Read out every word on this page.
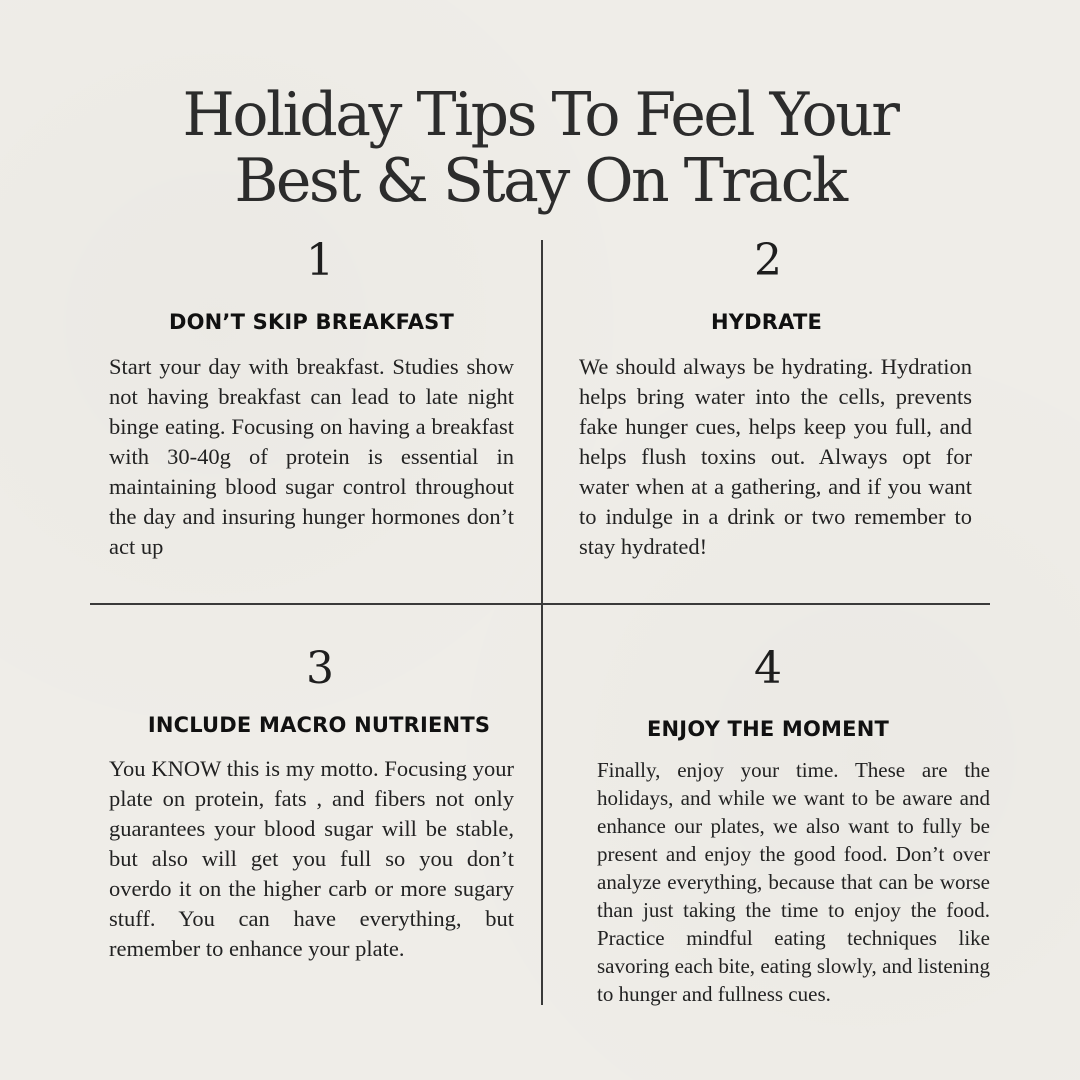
Holiday Tips To Feel Your
Best & Stay On Track
1
DON’T SKIP BREAKFAST

Start your day with breakfast. Studies show not having breakfast can lead to late night binge eating. Focusing on having a breakfast with 30-40g of protein is essential in maintaining blood sugar control throughout the day and insuring hunger hormones don’t act up

2
HYDRATE

We should always be hydrating. Hydration helps bring water into the cells, prevents fake hunger cues, helps keep you full, and helps flush toxins out. Always opt for water when at a gathering, and if you want to indulge in a drink or two remember to stay hydrated!

3
INCLUDE MACRO NUTRIENTS

You KNOW this is my motto. Focusing your plate on protein, fats , and fibers not only guarantees your blood sugar will be stable, but also will get you full so you don’t overdo it on the higher carb or more sugary stuff. You can have everything, but remember to enhance your plate.

4
ENJOY THE MOMENT

Finally, enjoy your time. These are the holidays, and while we want to be aware and enhance our plates, we also want to fully be present and enjoy the good food. Don’t over analyze everything, because that can be worse than just taking the time to enjoy the food. Practice mindful eating techniques like savoring each bite, eating slowly, and listening to hunger and fullness cues.
